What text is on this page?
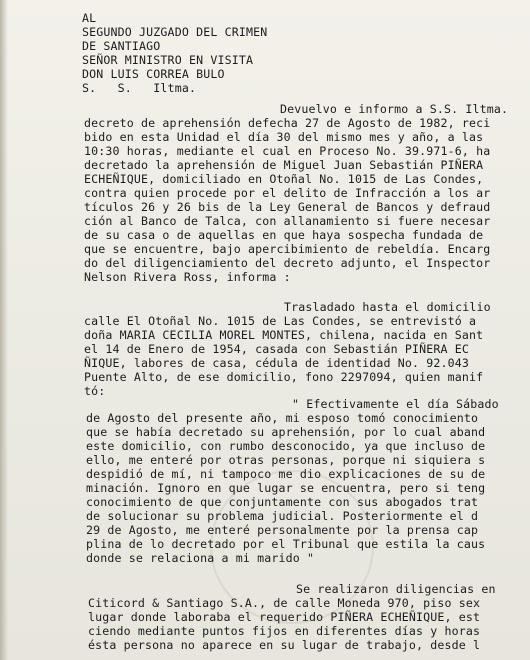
AL
SEGUNDO JUZGADO DEL CRIMEN
DE SANTIAGO
SEÑOR MINISTRO EN VISITA
DON LUIS CORREA BULO
S.   S.   Iltma.
Devuelvo e informo a S.S. Iltma.
decreto de aprehensión defecha 27 de Agosto de 1982, reci
bido en esta Unidad el día 30 del mismo mes y año, a las
10:30 horas, mediante el cual en Proceso No. 39.971-6, ha
decretado la aprehensión de Miguel Juan Sebastián PIÑERA
ECHEÑIQUE, domiciliado en Otoñal No. 1015 de Las Condes,
contra quien procede por el delito de Infracción a los ar
tículos 26 y 26 bis de la Ley General de Bancos y defraud
ción al Banco de Talca, con allanamiento si fuere necesar
de su casa o de aquellas en que haya sospecha fundada de
que se encuentre, bajo apercibimiento de rebeldía. Encarg
do del diligenciamiento del decreto adjunto, el Inspector
Nelson Rivera Ross, informa :
Trasladado hasta el domicilio
calle El Otoñal No. 1015 de Las Condes, se entrevistó a
doña MARIA CECILIA MOREL MONTES, chilena, nacida en Sant
el 14 de Enero de 1954, casada con Sebastián PIÑERA EC
ÑIQUE, labores de casa, cédula de identidad No. 92.043
Puente Alto, de ese domicilio, fono 2297094, quien manif
tó:
" Efectivamente el día Sábado
de Agosto del presente año, mi esposo tomó conocimiento
que se había decretado su aprehensión, por lo cual aband
este domicilio, con rumbo desconocido, ya que incluso de
ello, me enteré por otras personas, porque ni siquiera s
despidió de mí, ni tampoco me dio explicaciones de su de
minación. Ignoro en que lugar se encuentra, pero si teng
conocimiento de que conjuntamente con sus abogados trat
de solucionar su problema judicial. Posteriormente el d
29 de Agosto, me enteré personalmente por la prensa cap
plina de lo decretado por el Tribunal que estila la caus
donde se relaciona a mi marido "
Se realizaron diligencias en
Citicord & Santiago S.A., de calle Moneda 970, piso sex
lugar donde laboraba el requerido PIÑERA ECHEÑIQUE, est
ciendo mediante puntos fijos en diferentes días y horas
ésta persona no aparece en su lugar de trabajo, desde l
